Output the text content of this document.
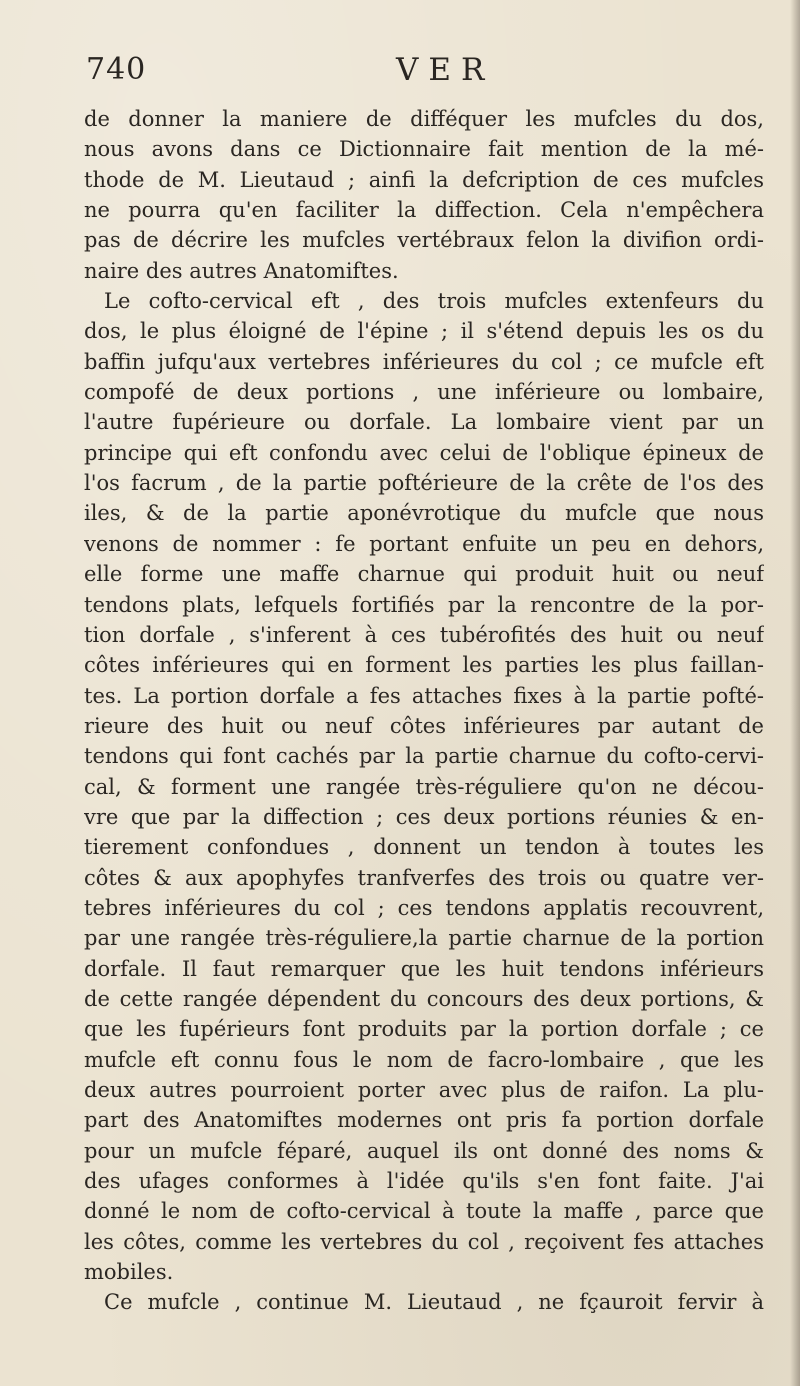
740	VER
de donner la maniere de difféquer les mufcles du dos,
nous avons dans ce Dictionnaire fait mention de la mé-
thode de M. Lieutaud ; ainfi la defcription de ces mufcles
ne pourra qu'en faciliter la diffection. Cela n'empêchera
pas de décrire les mufcles vertébraux felon la divifion ordi-
naire des autres Anatomiftes.
Le cofto-cervical eft , des trois mufcles extenfeurs du
dos, le plus éloigné de l'épine ; il s'étend depuis les os du
baffin jufqu'aux vertebres inférieures du col ; ce mufcle eft
compofé de deux portions , une inférieure ou lombaire,
l'autre fupérieure ou dorfale. La lombaire vient par un
principe qui eft confondu avec celui de l'oblique épineux de
l'os facrum , de la partie poftérieure de la crête de l'os des
iles, & de la partie aponévrotique du mufcle que nous
venons de nommer : fe portant enfuite un peu en dehors,
elle forme une maffe charnue qui produit huit ou neuf
tendons plats, lefquels fortifiés par la rencontre de la por-
tion dorfale , s'inferent à ces tubérofités des huit ou neuf
côtes inférieures qui en forment les parties les plus faillan-
tes. La portion dorfale a fes attaches fixes à la partie pofté-
rieure des huit ou neuf côtes inférieures par autant de
tendons qui font cachés par la partie charnue du cofto-cervi-
cal, & forment une rangée très-réguliere qu'on ne décou-
vre que par la diffection ; ces deux portions réunies & en-
tierement confondues , donnent un tendon à toutes les
côtes & aux apophyfes tranfverfes des trois ou quatre ver-
tebres inférieures du col ; ces tendons applatis recouvrent,
par une rangée très-réguliere,la partie charnue de la portion
dorfale. Il faut remarquer que les huit tendons inférieurs
de cette rangée dépendent du concours des deux portions, &
que les fupérieurs font produits par la portion dorfale ; ce
mufcle eft connu fous le nom de facro-lombaire , que les
deux autres pourroient porter avec plus de raifon. La plu-
part des Anatomiftes modernes ont pris fa portion dorfale
pour un mufcle féparé, auquel ils ont donné des noms &
des ufages conformes à l'idée qu'ils s'en font faite. J'ai
donné le nom de cofto-cervical à toute la maffe , parce que
les côtes, comme les vertebres du col , reçoivent fes attaches
mobiles.
Ce mufcle , continue M. Lieutaud , ne fçauroit fervir à
